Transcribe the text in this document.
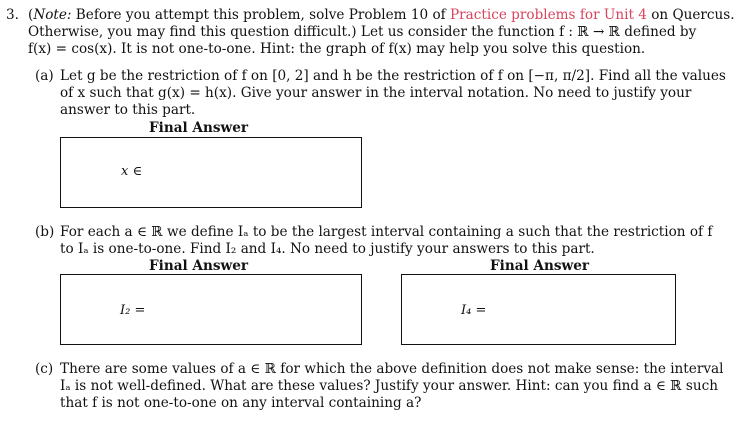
3. (Note: Before you attempt this problem, solve Problem 10 of Practice problems for Unit 4 on Quercus.
Otherwise, you may find this question difficult.) Let us consider the function f : ℝ → ℝ defined by
f(x) = cos(x). It is not one-to-one. Hint: the graph of f(x) may help you solve this question.
(a) Let g be the restriction of f on [0, 2] and h be the restriction of f on [−π, π/2]. Find all the values
of x such that g(x) = h(x). Give your answer in the interval notation. No need to justify your
answer to this part.
Final Answer
x ∈
(b) For each a ∈ ℝ we define Iₐ to be the largest interval containing a such that the restriction of f
to Iₐ is one-to-one. Find I₂ and I₄. No need to justify your answers to this part.
Final Answer	Final Answer
I₂ =	I₄ =
(c) There are some values of a ∈ ℝ for which the above definition does not make sense: the interval
Iₐ is not well-defined. What are these values? Justify your answer. Hint: can you find a ∈ ℝ such
that f is not one-to-one on any interval containing a?
